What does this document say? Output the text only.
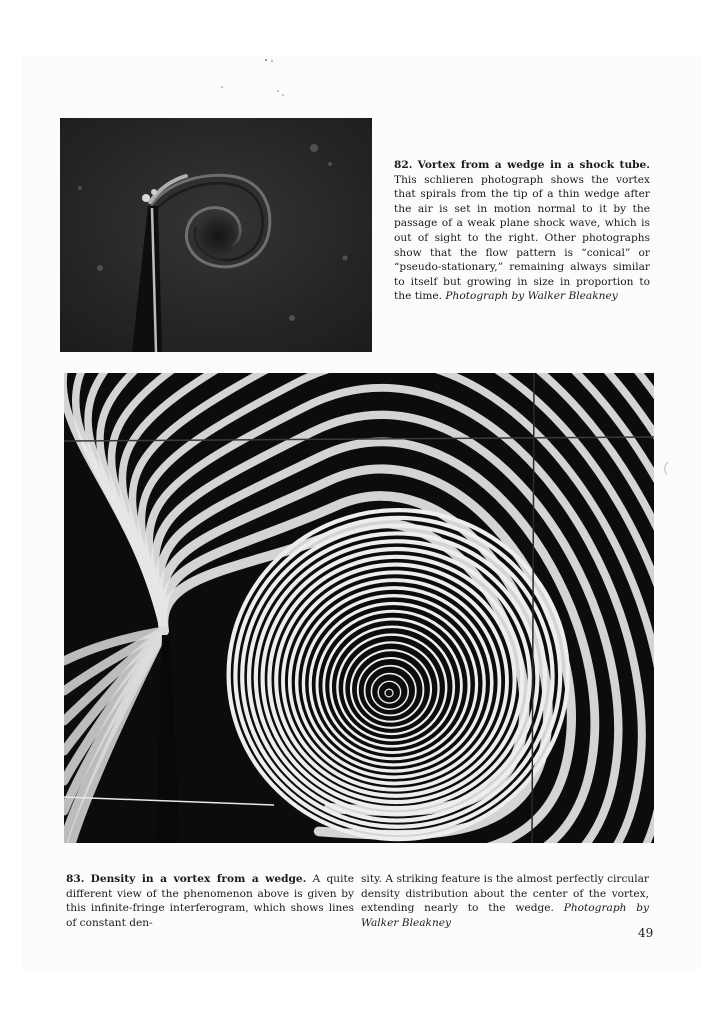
82. Vortex from a wedge in a shock tube. This schlieren photograph shows the vortex that spirals from the tip of a thin wedge after the air is set in motion normal to it by the passage of a weak plane shock wave, which is out of sight to the right. Other photographs show that the flow pattern is “conical” or “pseudo-stationary,” remaining always similar to itself but growing in size in proportion to the time. Photograph by Walker Bleakney
83. Density in a vortex from a wedge. A quite different view of the phenomenon above is given by this infinite-fringe interferogram, which shows lines of constant den-
sity. A striking feature is the almost perfectly circular density distribution about the center of the vortex, extending nearly to the wedge. Photograph by Walker Bleakney
49
